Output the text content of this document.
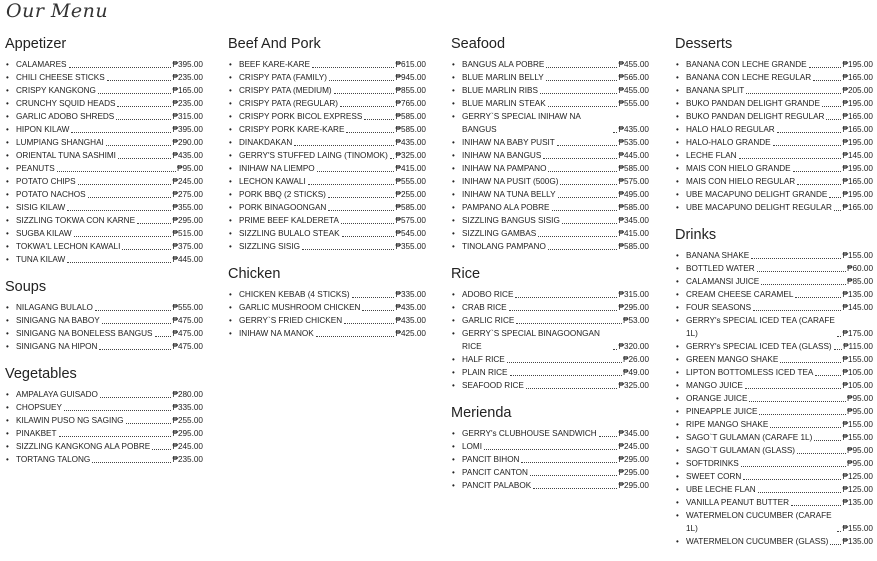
Our Menu
Appetizer
• CALAMARES	₱395.00
• CHILI CHEESE STICKS	₱235.00
• CRISPY KANGKONG	₱165.00
• CRUNCHY SQUID HEADS	₱235.00
• GARLIC ADOBO SHREDS	₱315.00
• HIPON KILAW	₱395.00
• LUMPIANG SHANGHAI	₱290.00
• ORIENTAL TUNA SASHIMI	₱435.00
• PEANUTS	₱95.00
• POTATO CHIPS	₱245.00
• POTATO NACHOS	₱275.00
• SISIG KILAW	₱355.00
• SIZZLING TOKWA CON KARNE	₱295.00
• SUGBA KILAW	₱515.00
• TOKWA'L LECHON KAWALI	₱375.00
• TUNA KILAW	₱445.00
Soups
• NILAGANG BULALO	₱555.00
• SINIGANG NA BABOY	₱475.00
• SINIGANG NA BONELESS BANGUS ₱475.00
• SINIGANG NA HIPON	₱475.00
Vegetables
• AMPALAYA GUISADO	₱280.00
• CHOPSUEY	₱335.00
• KILAWIN PUSO NG SAGING	₱255.00
• PINAKBET	₱295.00
• SIZZLING KANGKONG ALA POBRE	₱245.00
• TORTANG TALONG	₱235.00
Beef And Pork
• BEEF KARE-KARE	₱615.00
• CRISPY PATA (FAMILY)	₱945.00
• CRISPY PATA (MEDIUM)	₱855.00
• CRISPY PATA (REGULAR)	₱765.00
• CRISPY PORK BICOL EXPRESS	₱585.00
• CRISPY PORK KARE-KARE	₱585.00
• DINAKDAKAN	₱435.00
• GERRY'S STUFFED LAING (TINOMOK) ₱325.00
• INIHAW NA LIEMPO	₱415.00
• LECHON KAWALI	₱555.00
• PORK BBQ (2 STICKS)	₱255.00
• PORK BINAGOONGAN	₱585.00
• PRIME BEEF KALDERETA	₱575.00
• SIZZLING BULALO STEAK	₱545.00
• SIZZLING SISIG	₱355.00
Chicken
• CHICKEN KEBAB (4 STICKS)	₱335.00
• GARLIC MUSHROOM CHICKEN	₱435.00
• GERRY`S FRIED CHICKEN	₱435.00
• INIHAW NA MANOK	₱425.00
Seafood
• BANGUS ALA POBRE	₱455.00
• BLUE MARLIN BELLY	₱565.00
• BLUE MARLIN RIBS	₱455.00
• BLUE MARLIN STEAK	₱555.00
• GERRY`S SPECIAL INIHAW NA BANGUS	₱435.00
• INIHAW NA BABY PUSIT	₱535.00
• INIHAW NA BANGUS	₱445.00
• INIHAW NA PAMPANO	₱585.00
• INIHAW NA PUSIT (500G)	₱575.00
• INIHAW NA TUNA BELLY	₱495.00
• PAMPANO ALA POBRE	₱585.00
• SIZZLING BANGUS SISIG	₱345.00
• SIZZLING GAMBAS	₱415.00
• TINOLANG PAMPANO	₱585.00
Rice
• ADOBO RICE	₱315.00
• CRAB RICE	₱295.00
• GARLIC RICE	₱53.00
• GERRY`S SPECIAL BINAGOONGAN RICE	₱320.00
• HALF RICE	₱26.00
• PLAIN RICE	₱49.00
• SEAFOOD RICE	₱325.00
Merienda
• GERRY's CLUBHOUSE SANDWICH	₱345.00
• LOMI	₱245.00
• PANCIT BIHON	₱295.00
• PANCIT CANTON	₱295.00
• PANCIT PALABOK	₱295.00
Desserts
• BANANA CON LECHE GRANDE	₱195.00
• BANANA CON LECHE REGULAR	₱165.00
• BANANA SPLIT	₱205.00
• BUKO PANDAN DELIGHT GRANDE	₱195.00
• BUKO PANDAN DELIGHT REGULAR ₱165.00
• HALO HALO REGULAR	₱165.00
• HALO-HALO GRANDE	₱195.00
• LECHE FLAN	₱145.00
• MAIS CON HIELO GRANDE	₱195.00
• MAIS CON HIELO REGULAR	₱165.00
• UBE MACAPUNO DELIGHT GRANDE ₱195.00
• UBE MACAPUNO DELIGHT REGULAR ₱165.00
Drinks
• BANANA SHAKE	₱155.00
• BOTTLED WATER	₱60.00
• CALAMANSI JUICE	₱85.00
• CREAM CHEESE CARAMEL	₱135.00
• FOUR SEASONS	₱145.00
• GERRY's SPECIAL ICED TEA (CARAFE 1L)	₱175.00
• GERRY's SPECIAL ICED TEA (GLASS) ₱115.00
• GREEN MANGO SHAKE	₱155.00
• LIPTON BOTTOMLESS ICED TEA	₱105.00
• MANGO JUICE	₱105.00
• ORANGE JUICE	₱95.00
• PINEAPPLE JUICE	₱95.00
• RIPE MANGO SHAKE	₱155.00
• SAGO`T GULAMAN (CARAFE 1L)	₱155.00
• SAGO`T GULAMAN (GLASS)	₱95.00
• SOFTDRINKS	₱95.00
• SWEET CORN	₱125.00
• UBE LECHE FLAN	₱125.00
• VANILLA PEANUT BUTTER	₱135.00
• WATERMELON CUCUMBER (CARAFE 1L)	₱155.00
• WATERMELON CUCUMBER (GLASS) ₱135.00
